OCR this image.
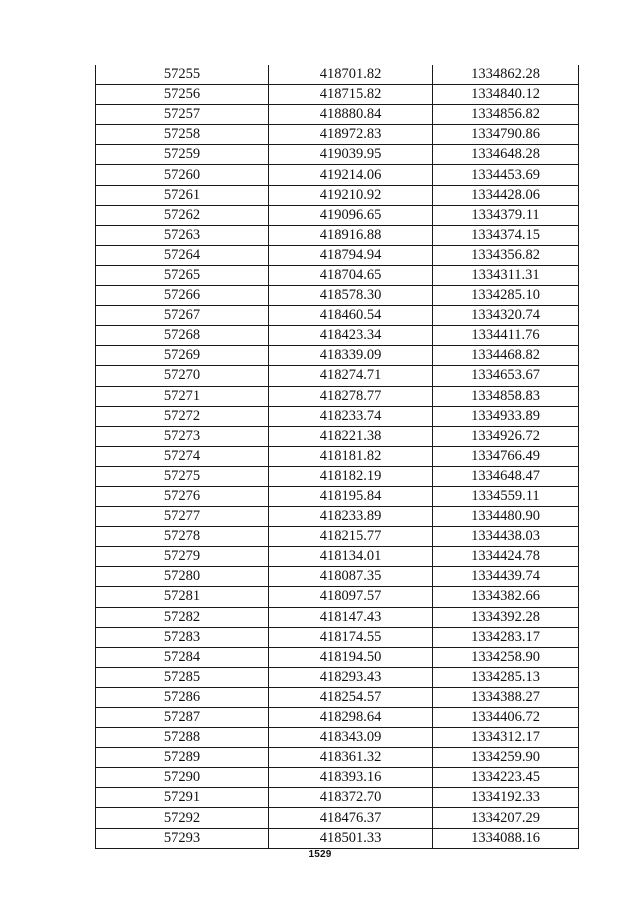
57255	418701.82	1334862.28
57256	418715.82	1334840.12
57257	418880.84	1334856.82
57258	418972.83	1334790.86
57259	419039.95	1334648.28
57260	419214.06	1334453.69
57261	419210.92	1334428.06
57262	419096.65	1334379.11
57263	418916.88	1334374.15
57264	418794.94	1334356.82
57265	418704.65	1334311.31
57266	418578.30	1334285.10
57267	418460.54	1334320.74
57268	418423.34	1334411.76
57269	418339.09	1334468.82
57270	418274.71	1334653.67
57271	418278.77	1334858.83
57272	418233.74	1334933.89
57273	418221.38	1334926.72
57274	418181.82	1334766.49
57275	418182.19	1334648.47
57276	418195.84	1334559.11
57277	418233.89	1334480.90
57278	418215.77	1334438.03
57279	418134.01	1334424.78
57280	418087.35	1334439.74
57281	418097.57	1334382.66
57282	418147.43	1334392.28
57283	418174.55	1334283.17
57284	418194.50	1334258.90
57285	418293.43	1334285.13
57286	418254.57	1334388.27
57287	418298.64	1334406.72
57288	418343.09	1334312.17
57289	418361.32	1334259.90
57290	418393.16	1334223.45
57291	418372.70	1334192.33
57292	418476.37	1334207.29
57293	418501.33	1334088.16
1529
